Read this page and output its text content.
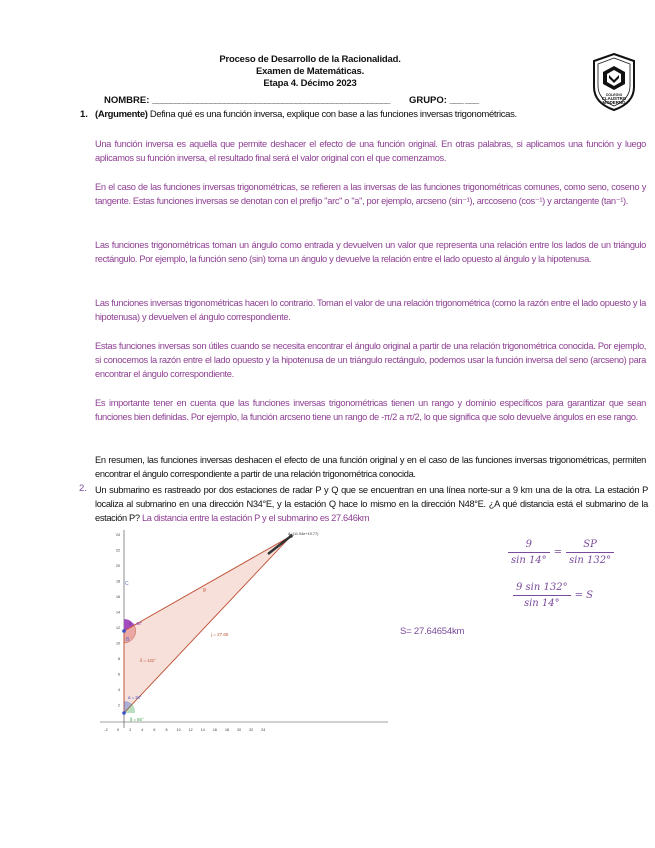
Proceso de Desarrollo de la Racionalidad.
Examen de Matemáticas.
Etapa 4. Décimo 2023
NOMBRE: _____________________________________________________ GRUPO: ___ ___	COLEGIO
CLAUSTRO
MODERNO
1. (Argumente) Defina qué es una función inversa, explique con base a las funciones inversas trigonométricas.
Una función inversa es aquella que permite deshacer el efecto de una función original. En otras palabras, si aplicamos una función y luego aplicamos su función inversa, el resultado final será el valor original con el que comenzamos.
En el caso de las funciones inversas trigonométricas, se refieren a las inversas de las funciones trigonométricas comunes, como seno, coseno y tangente. Estas funciones inversas se denotan con el prefijo "arc" o "a", por ejemplo, arcseno (sin⁻¹), arccoseno (cos⁻¹) y arctangente (tan⁻¹).
Las funciones trigonométricas toman un ángulo como entrada y devuelven un valor que representa una relación entre los lados de un triángulo rectángulo. Por ejemplo, la función seno (sin) toma un ángulo y devuelve la relación entre el lado opuesto al ángulo y la hipotenusa.
Las funciones inversas trigonométricas hacen lo contrario. Toman el valor de una relación trigonométrica (como la razón entre el lado opuesto y la hipotenusa) y devuelven el ángulo correspondiente.
Estas funciones inversas son útiles cuando se necesita encontrar el ángulo original a partir de una relación trigonométrica conocida. Por ejemplo, si conocemos la razón entre el lado opuesto y la hipotenusa de un triángulo rectángulo, podemos usar la función inversa del seno (arcseno) para encontrar el ángulo correspondiente.
Es importante tener en cuenta que las funciones inversas trigonométricas tienen un rango y dominio específicos para garantizar que sean funciones bien definidas. Por ejemplo, la función arcseno tiene un rango de -π/2 a π/2, lo que significa que solo devuelve ángulos en ese rango.
En resumen, las funciones inversas deshacen el efecto de una función original y en el caso de las funciones inversas trigonométricas, permiten encontrar el ángulo correspondiente a partir de una relación trigonométrica conocida.
2. Un submarino es rastreado por dos estaciones de radar P y Q que se encuentran en una línea norte-sur a 9 km una de la otra. La estación P localiza al submarino en una dirección N34°E, y la estación Q hace lo mismo en la dirección N48°E. ¿A qué distancia está el submarino de la estación P? La distancia entre la estación P y el submarino es 27.646km
-2	0	2	4	6	8	10 12 14 16 18 20 22 24
24
22
20
18
16
14
12
10
8
6
4
2
A=(11.94e+19.77)
g
j = 27.65
γ = 48°
δ = 132°
α = 34°
β = 56°
C
B
$\frac{9}{\sin 14^\circ} = \frac{SP}{\sin 132^\circ}$
$\frac{9 \sin 132^\circ}{\sin 14^\circ} = S$
S= 27.64654km
